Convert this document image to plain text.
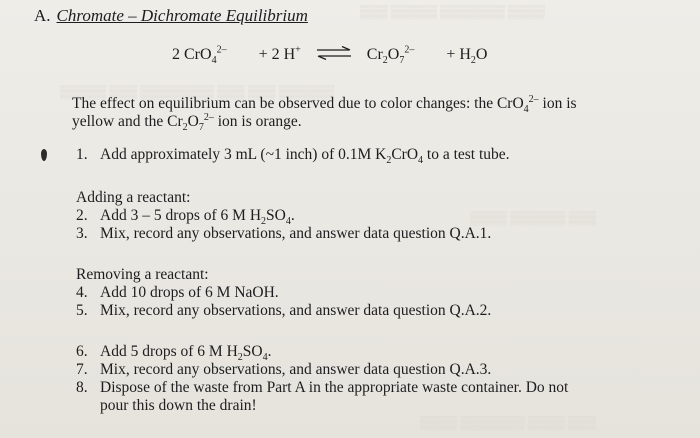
▒▒▒ ▒▒▒▒▒ ▒▒▒▒▒▒▒ ▒▒▒▒
▒▒▒▒▒ ▒▒▒ ▒▒▒▒▒▒▒▒ ▒▒▒ ▒▒▒ ▒▒▒▒▒▒
▒▒▒▒ ▒▒▒▒▒▒ ▒▒▒
▒▒▒▒ ▒▒▒▒▒▒▒ ▒▒▒▒ ▒▒▒
A. Chromate – Dichromate Equilibrium
2 CrO$_4^{2-}$ + 2 H+ ⇌ $Cr_2O_7^{2-} + H_2O$
The effect on equilibrium can be observed due to color changes: the CrO$_4^{2-}$ ion is
yellow and the $Cr_2O_7^{2-}$ ion is orange.
1. Add approximately 3 mL (~1 inch) of 0.1M $K_2CrO_4$ to a test tube.
Adding a reactant:
2. Add 3 – 5 drops of 6 M $H_2SO_4$.
3. Mix, record any observations, and answer data question Q.A.1.
Removing a reactant:
4. Add 10 drops of 6 M NaOH.
5. Mix, record any observations, and answer data question Q.A.2.
6. Add 5 drops of 6 M $H_2SO_4$.
7. Mix, record any observations, and answer data question Q.A.3.
8. Dispose of the waste from Part A in the appropriate waste container. Do not
pour this down the drain!
